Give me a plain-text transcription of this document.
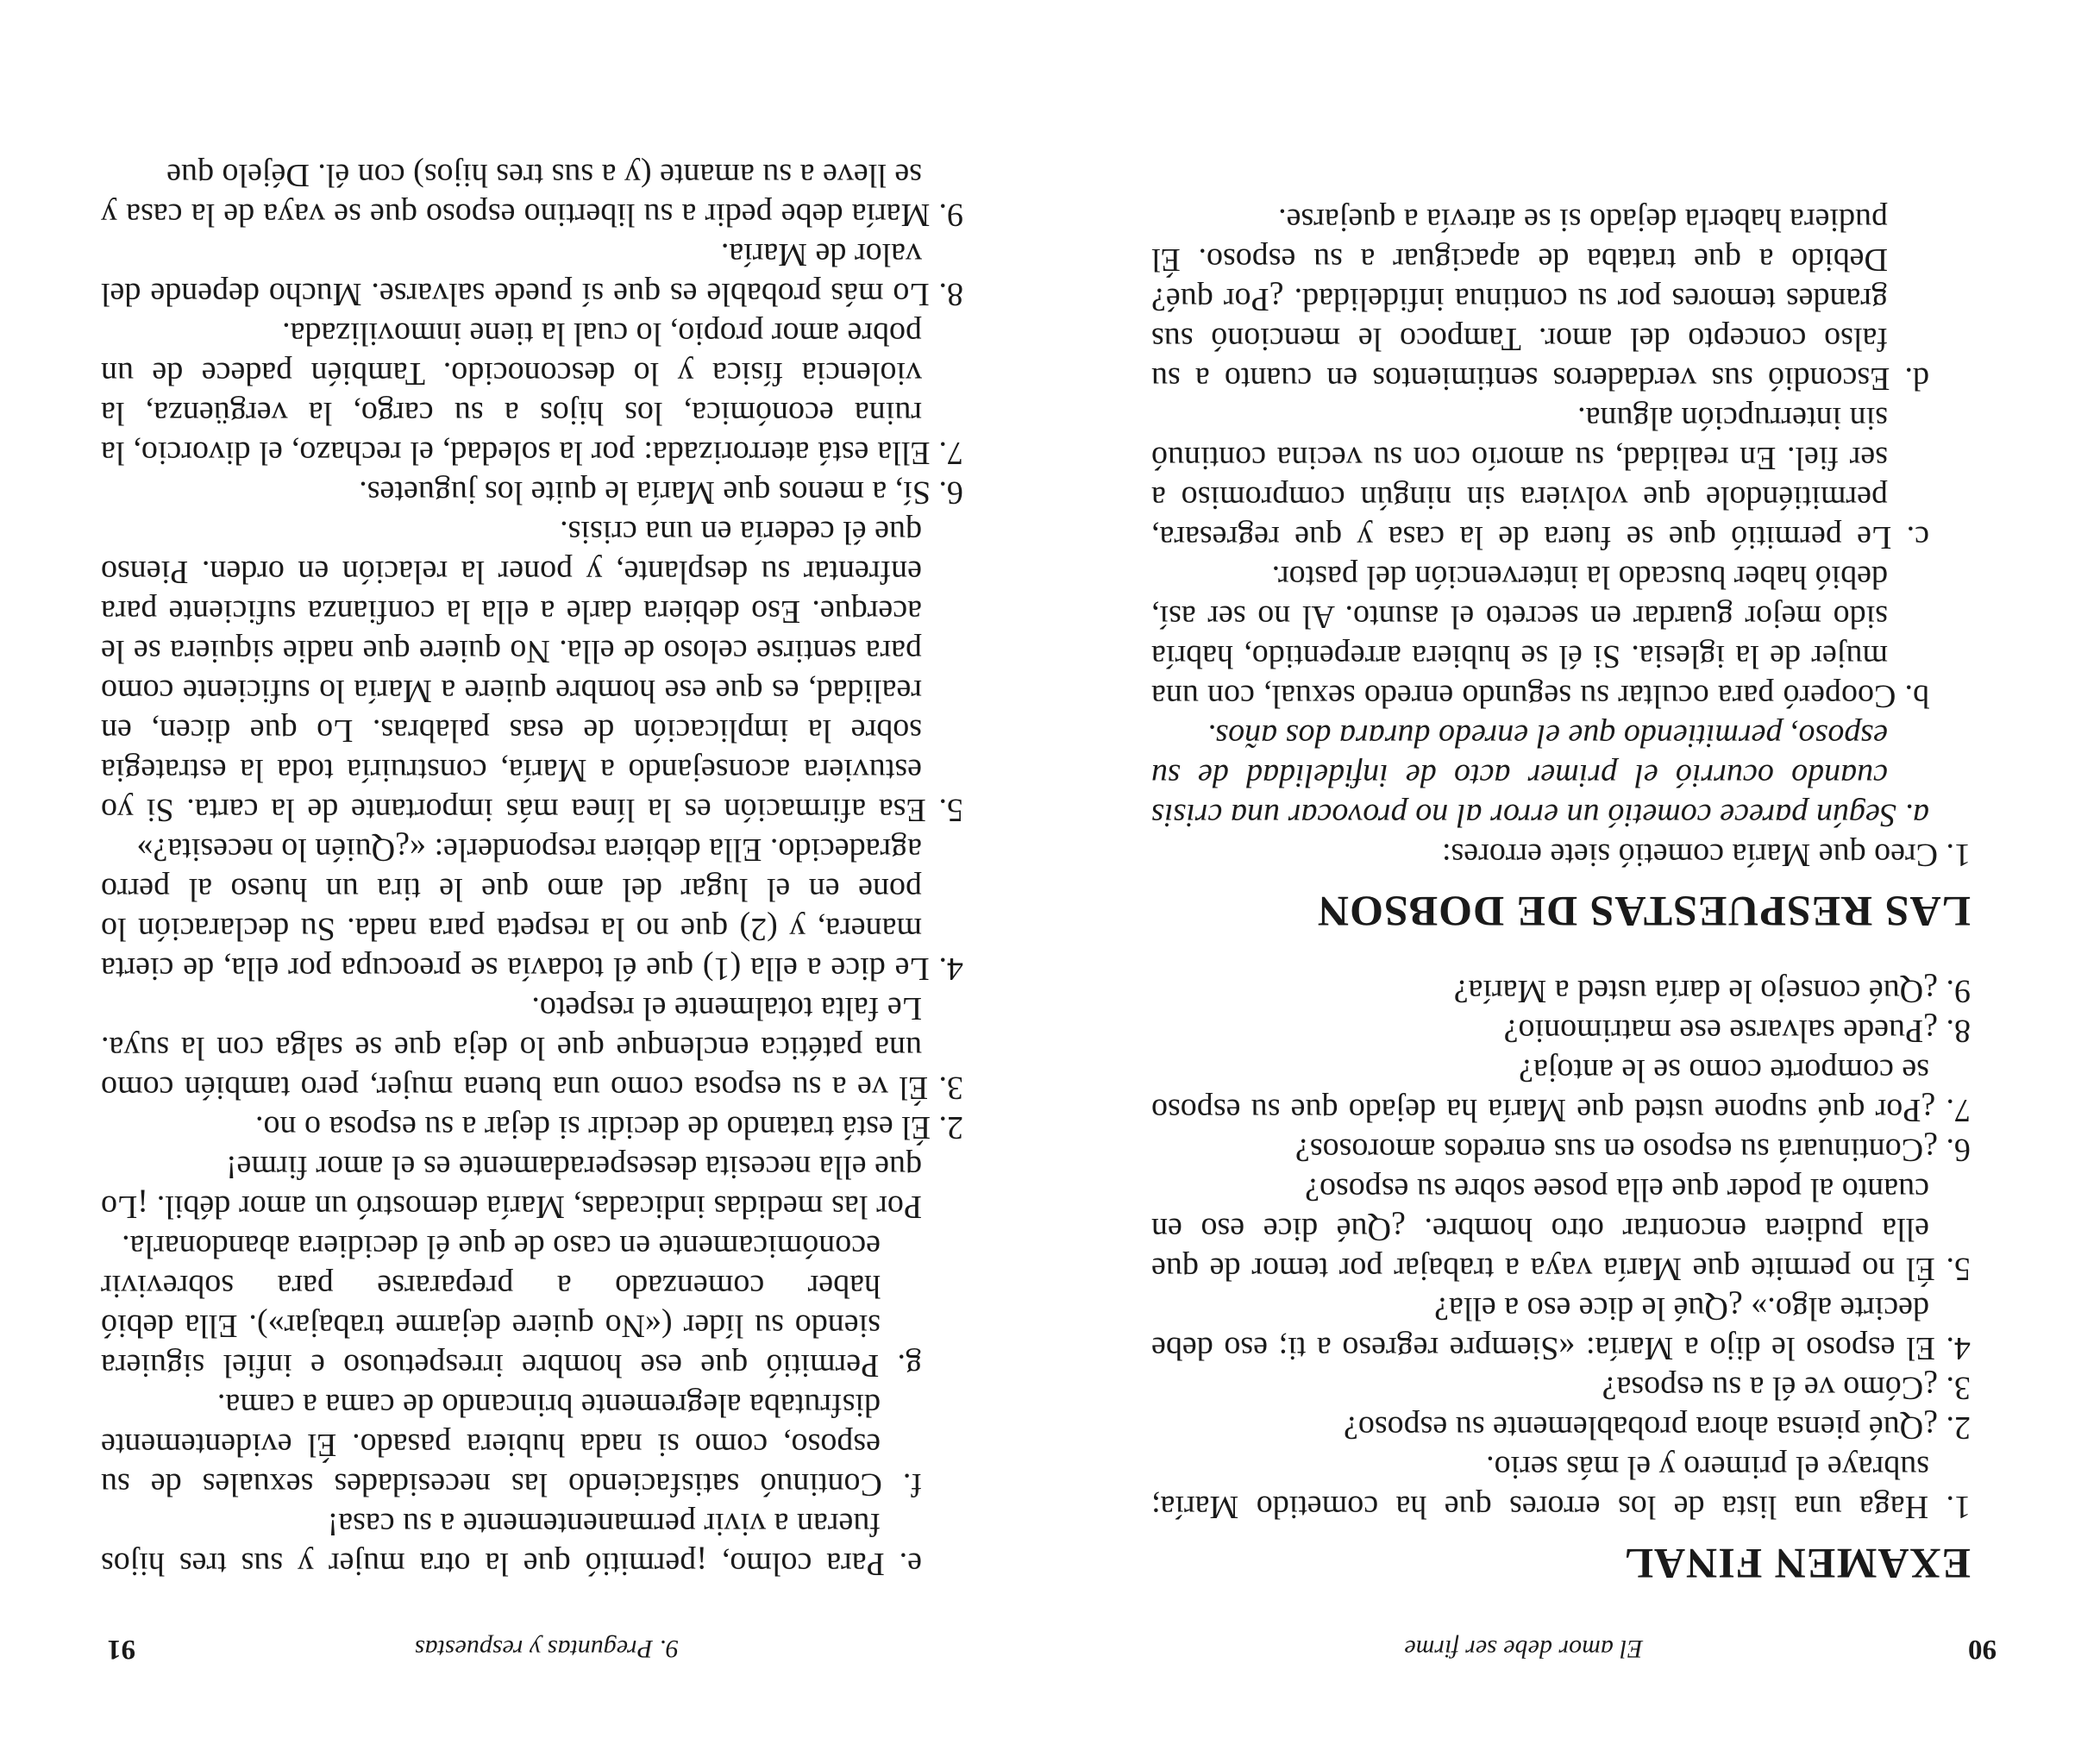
90
El amor debe ser firme
EXAMEN FINAL

1. Haga una lista de los errores que ha cometido María; subraye el primero y el más serio.

2. ¿Qué piensa ahora probablemente su esposo?

3. ¿Cómo ve él a su esposa?

4. El esposo le dijo a María: «Siempre regreso a ti; eso debe decirte algo.» ¿Qué le dice eso a ella?

5. Él no permite que María vaya a trabajar por temor de que ella pudiera encontrar otro hombre. ¿Qué dice eso en cuanto al poder que ella posee sobre su esposo?

6. ¿Continuará su esposo en sus enredos amorosos?

7. ¿Por qué supone usted que María ha dejado que su esposo se comporte como se le antoja?

8. ¿Puede salvarse ese matrimonio?

9. ¿Qué consejo le daría usted a María?

LAS RESPUESTAS DE DOBSON

1. Creo que María cometió siete errores:

a. Según parece cometió un error al no provocar una crisis cuando ocurrió el primer acto de infidelidad de su esposo, permitiendo que el enredo durara dos años.

b. Cooperó para ocultar su segundo enredo sexual, con una mujer de la iglesia. Si él se hubiera arrepentido, habría sido mejor guardar en secreto el asunto. Al no ser así, debió haber buscado la intervención del pastor.

c. Le permitió que se fuera de la casa y que regresara, permitiéndole que volviera sin ningún compromiso a ser fiel. En realidad, su amorío con su vecina continuó sin interrupción alguna.

d. Escondió sus verdaderos sentimientos en cuanto a su falso concepto del amor. Tampoco le mencionó sus grandes temores por su continua infidelidad. ¿Por qué? Debido a que trataba de apaciguar a su esposo. Él pudiera haberla dejado si se atrevía a quejarse.

9. Preguntas y respuestas
91

e. Para colmo, ¡permitió que la otra mujer y sus tres hijos fueran a vivir permanentemente a su casa!

f. Continuó satisfaciendo las necesidades sexuales de su esposo, como si nada hubiera pasado. Él evidentemente disfrutaba alegremente brincando de cama a cama.

g. Permitió que ese hombre irrespetuoso e infiel siguiera siendo su líder («No quiere dejarme trabajar»). Ella debió haber comenzado a prepararse para sobrevivir económicamente en caso de que él decidiera abandonarla.

Por las medidas indicadas, María demostró un amor débil. ¡Lo que ella necesita desesperadamente es el amor firme!

2. Él está tratando de decidir si dejar a su esposa o no.

3. Él ve a su esposa como una buena mujer, pero también como una patética enclenque que lo deja que se salga con la suya. Le falta totalmente el respeto.

4. Le dice a ella (1) que él todavía se preocupa por ella, de cierta manera, y (2) que no la respeta para nada. Su declaración lo pone en el lugar del amo que le tira un hueso al perro agradecido. Ella debiera responderle: «¿Quién lo necesita?»

5. Esa afirmación es la línea más importante de la carta. Si yo estuviera aconsejando a María, construiría toda la estrategia sobre la implicación de esas palabras. Lo que dicen, en realidad, es que ese hombre quiere a María lo suficiente como para sentirse celoso de ella. No quiere que nadie siquiera se le acerque. Eso debiera darle a ella la confianza suficiente para enfrentar su desplante, y poner la relación en orden. Pienso que él cedería en una crisis.

6. Sí, a menos que María le quite los juguetes.

7. Ella está aterrorizada: por la soledad, el rechazo, el divorcio, la ruina económica, los hijos a su cargo, la vergüenza, la violencia física y lo desconocido. También padece de un pobre amor propio, lo cual la tiene inmovilizada.

8. Lo más probable es que sí puede salvarse. Mucho depende del valor de María.

9. María debe pedir a su libertino esposo que se vaya de la casa y se lleve a su amante (y a sus tres hijos) con él. Déjelo que
